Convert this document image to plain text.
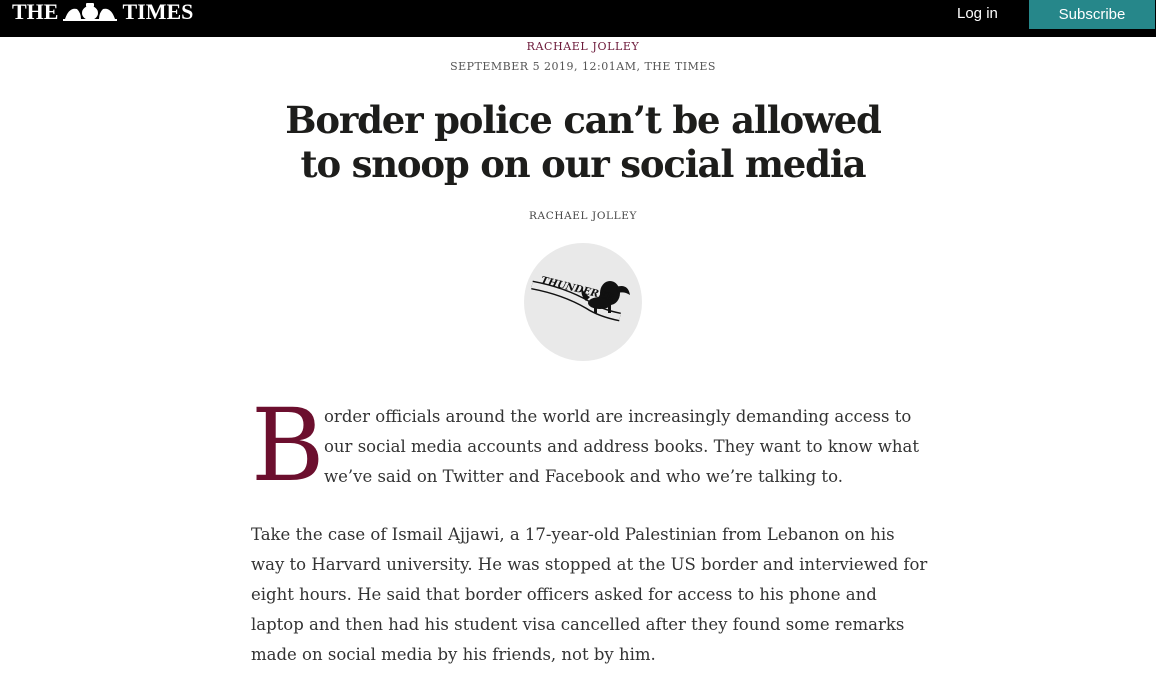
THE	TIMES	Log in	Subscribe
RACHAEL JOLLEY
SEPTEMBER 5 2019, 12:01AM, THE TIMES
Border police can’t be allowed
to snoop on our social media
RACHAEL JOLLEY
THUNDERER
B order officials around the world are increasingly demanding access to our social media accounts and address books. They want to know what we’ve said on Twitter and Facebook and who we’re talking to.

Take the case of Ismail Ajjawi, a 17-year-old Palestinian from Lebanon on his way to Harvard university. He was stopped at the US border and interviewed for eight hours. He said that border officers asked for access to his phone and laptop and then had his student visa cancelled after they found some remarks made on social media by his friends, not by him.
